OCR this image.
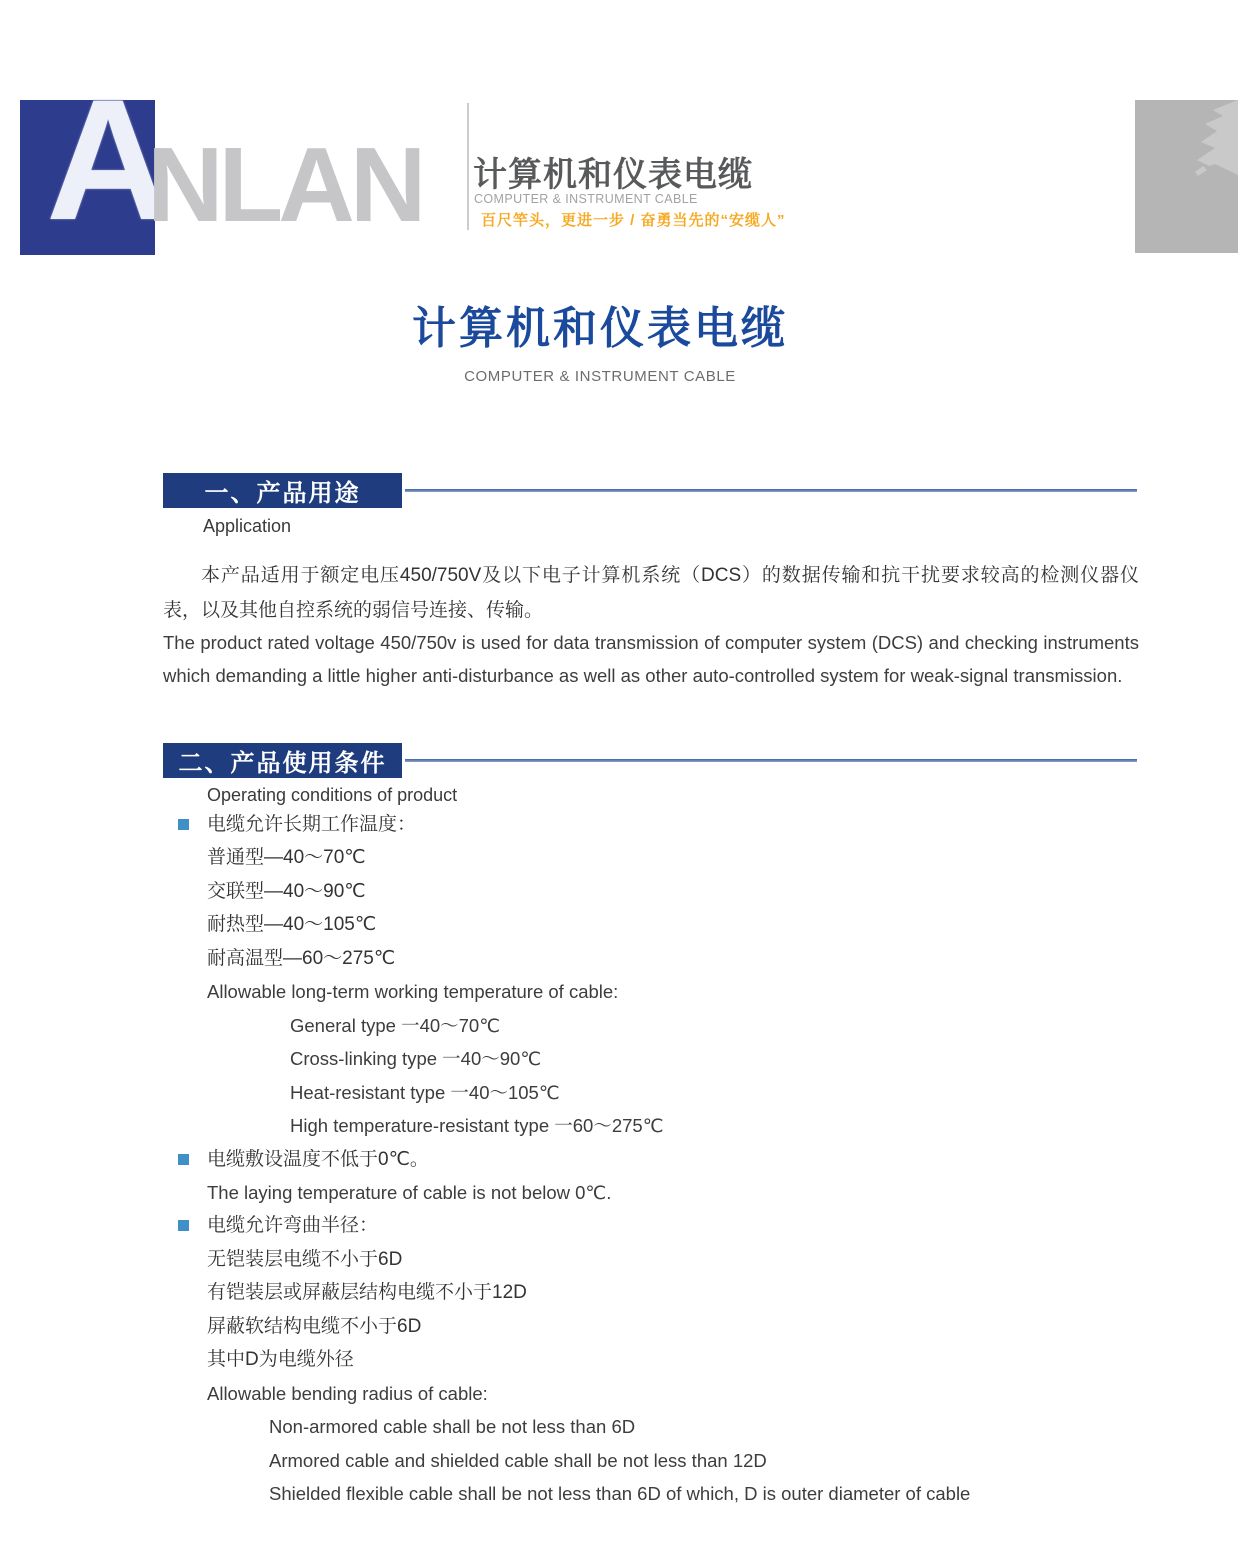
A
NLAN 计算机和仪表电缆
COMPUTER & INSTRUMENT CABLE
百尺竿头，更进一步 / 奋勇当先的“安缆人”
计算机和仪表电缆
COMPUTER & INSTRUMENT CABLE
一、产品用途
Application

本产品适用于额定电压450/750V及以下电子计算机系统（DCS）的数据传输和抗干扰要求较高的检测仪器仪表，以及其他自控系统的弱信号连接、传输。

The product rated voltage 450/750v is used for data transmission of computer system (DCS) and checking instruments which demanding a little higher anti-disturbance as well as other auto-controlled system for weak-signal transmission.

二、产品使用条件
Operating conditions of product
电缆允许长期工作温度：
普通型—40～70℃
交联型—40～90℃
耐热型—40～105℃
耐高温型—60～275℃
Allowable long-term working temperature of cable:
General type 一40～70℃
Cross-linking type 一40～90℃
Heat-resistant type 一40～105℃
High temperature-resistant type 一60～275℃
电缆敷设温度不低于0℃。
The laying temperature of cable is not below 0℃.
电缆允许弯曲半径：
无铠装层电缆不小于6D
有铠装层或屏蔽层结构电缆不小于12D
屏蔽软结构电缆不小于6D
其中D为电缆外径
Allowable bending radius of cable:
Non-armored cable shall be not less than 6D
Armored cable and shielded cable shall be not less than 12D
Shielded flexible cable shall be not less than 6D of which, D is outer diameter of cable
